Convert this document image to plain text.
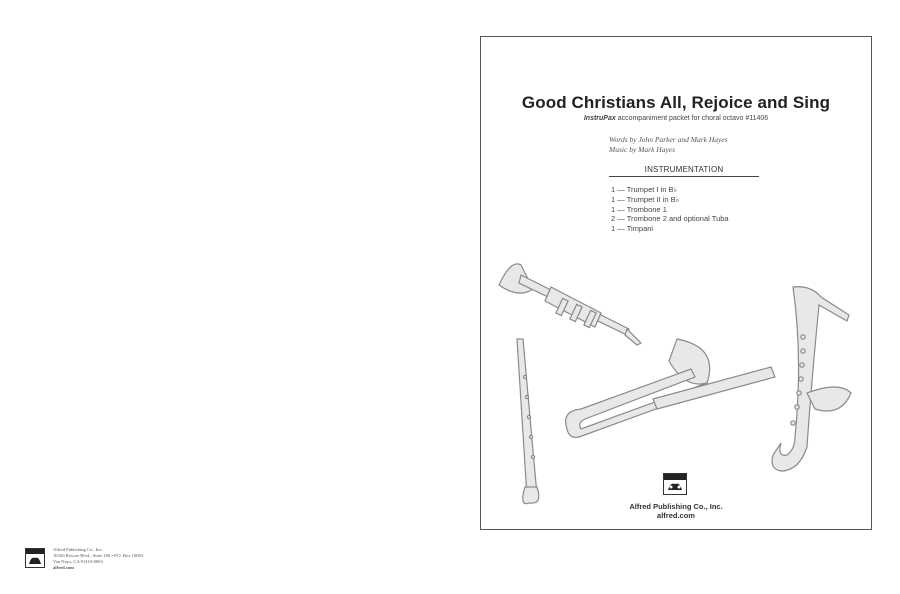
Good Christians All, Rejoice and Sing
InstruPax accompaniment packet for choral octavo #11406
Words by John Parker and Mark Hayes
Music by Mark Hayes
INSTRUMENTATION
1 — Trumpet I in B♭
1 — Trumpet II in B♭
1 — Trombone 1
2 — Trombone 2 and optional Tuba
1 — Timpani
Alfred Publishing Co., Inc.
alfred.com
Alfred Publishing Co., Inc.
16320 Roscoe Blvd., Suite 100 • P.O. Box 10003
Van Nuys, CA 91410-0003
alfred.com
